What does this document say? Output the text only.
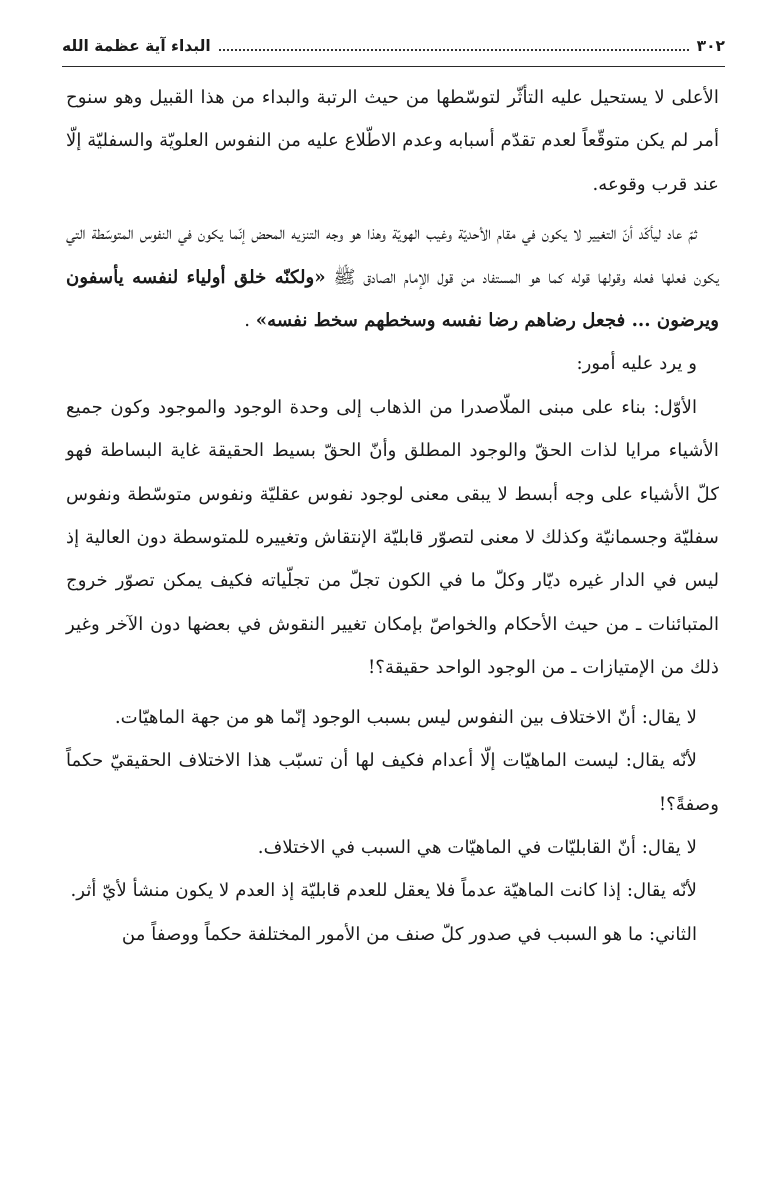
٣٠٢
البداء آية عظمة الله

الأعلى لا يستحيل عليه التأثّر لتوسّطها من حيث الرتبة والبداء من هذا القبيل وهو سنوح أمر لم يكن متوقّعاً لعدم تقدّم أسبابه وعدم الاطّلاع عليه من النفوس العلويّة والسفليّة إلّا عند قرب وقوعه.

ثمّ عاد ليأكّد أنّ التغيير لا يكون في مقام الأحديّة وغيب الهويّة وهذا هو وجه التنزيه المحض إنّما يكون في النفوس المتوسّطة التي يكون فعلها فعله وقولها قوله كما هو المستفاد من قول الإمام الصادق ﷺ «ولكنّه خلق أولياء لنفسه يأسفون ويرضون ... فجعل رضاهم رضا نفسه وسخطهم سخط نفسه» .

و يرد عليه أمور:

الأوّل: بناء على مبنى الملّاصدرا من الذهاب إلى وحدة الوجود والموجود وكون جميع الأشياء مرايا لذات الحقّ والوجود المطلق وأنّ الحقّ بسيط الحقيقة غاية البساطة فهو كلّ الأشياء على وجه أبسط لا يبقى معنى لوجود نفوس عقليّة ونفوس متوسّطة ونفوس سفليّة وجسمانيّة وكذلك لا معنى لتصوّر قابليّة الإنتقاش وتغييره للمتوسطة دون العالية إذ ليس في الدار غيره ديّار وكلّ ما في الكون تجلّ من تجلّياته فكيف يمكن تصوّر خروج المتبائنات ـ من حيث الأحكام والخواصّ بإمكان تغيير النقوش في بعضها دون الآخر وغير ذلك من الإمتيازات ـ من الوجود الواحد حقيقة؟!

لا يقال: أنّ الاختلاف بين النفوس ليس بسبب الوجود إنّما هو من جهة الماهيّات.

لأنّه يقال: ليست الماهيّات إلّا أعدام فكيف لها أن تسبّب هذا الاختلاف الحقيقيّ حكماً وصفةً؟!

لا يقال: أنّ القابليّات في الماهيّات هي السبب في الاختلاف.

لأنّه يقال: إذا كانت الماهيّة عدماً فلا يعقل للعدم قابليّة إذ العدم لا يكون منشأ لأيّ أثر.

الثاني: ما هو السبب في صدور كلّ صنف من الأمور المختلفة حكماً ووصفاً من
